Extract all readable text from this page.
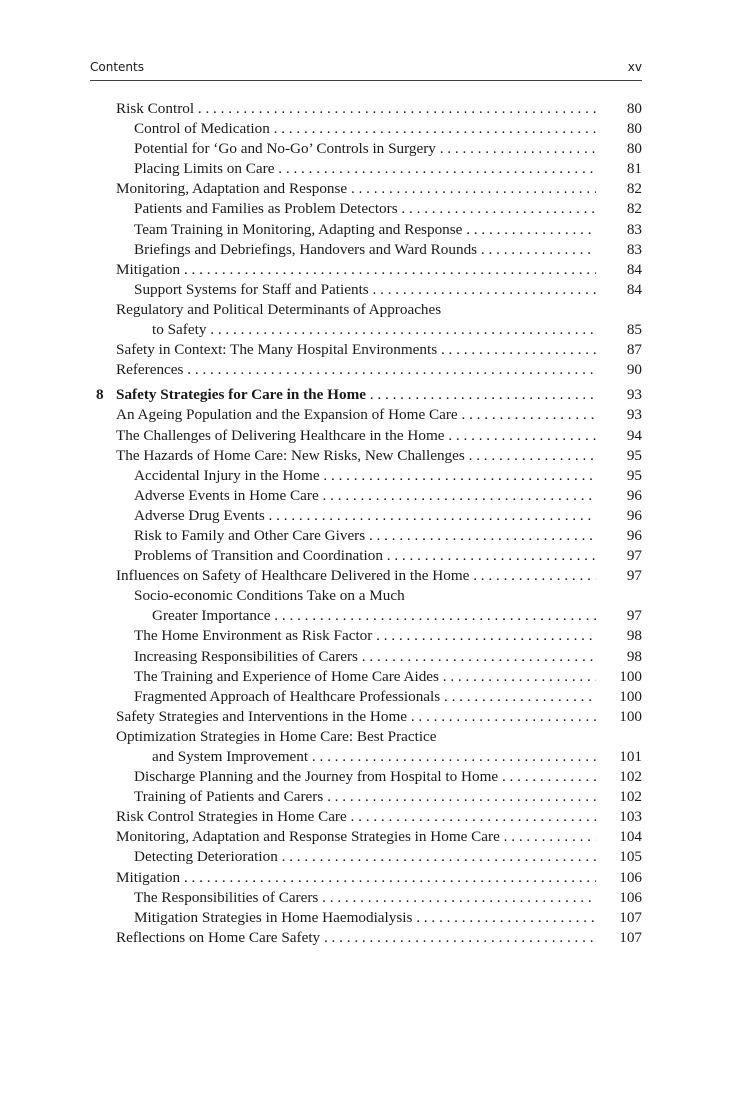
Contents	xv
Risk Control . . .	80
Control of Medication . . .	80
Potential for ‘Go and No-Go’ Controls in Surgery . . .	80
Placing Limits on Care . . .	81
Monitoring, Adaptation and Response . . .	82
Patients and Families as Problem Detectors . . .	82
Team Training in Monitoring, Adapting and Response . . .	83
Briefings and Debriefings, Handovers and Ward Rounds . . .	83
Mitigation . . .	84
Support Systems for Staff and Patients . . .	84
Regulatory and Political Determinants of Approaches
to Safety . . .	85
Safety in Context: The Many Hospital Environments . . .	87
References . . .	90
8 Safety Strategies for Care in the Home . . .	93
An Ageing Population and the Expansion of Home Care . . .	93
The Challenges of Delivering Healthcare in the Home . . .	94
The Hazards of Home Care: New Risks, New Challenges . . .	95
Accidental Injury in the Home . . .	95
Adverse Events in Home Care . . .	96
Adverse Drug Events . . .	96
Risk to Family and Other Care Givers . . .	96
Problems of Transition and Coordination . . .	97
Influences on Safety of Healthcare Delivered in the Home . . .	97
Socio-economic Conditions Take on a Much
Greater Importance . . .	97
The Home Environment as Risk Factor . . .	98
Increasing Responsibilities of Carers . . .	98
The Training and Experience of Home Care Aides . . .	100
Fragmented Approach of Healthcare Professionals . . .	100
Safety Strategies and Interventions in the Home . . .	100
Optimization Strategies in Home Care: Best Practice
and System Improvement . . .	101
Discharge Planning and the Journey from Hospital to Home . . .	102
Training of Patients and Carers . . .	102
Risk Control Strategies in Home Care . . .	103
Monitoring, Adaptation and Response Strategies in Home Care . . .	104
Detecting Deterioration . . .	105
Mitigation . . .	106
The Responsibilities of Carers . . .	106
Mitigation Strategies in Home Haemodialysis . . .	107
Reflections on Home Care Safety . . .	107
